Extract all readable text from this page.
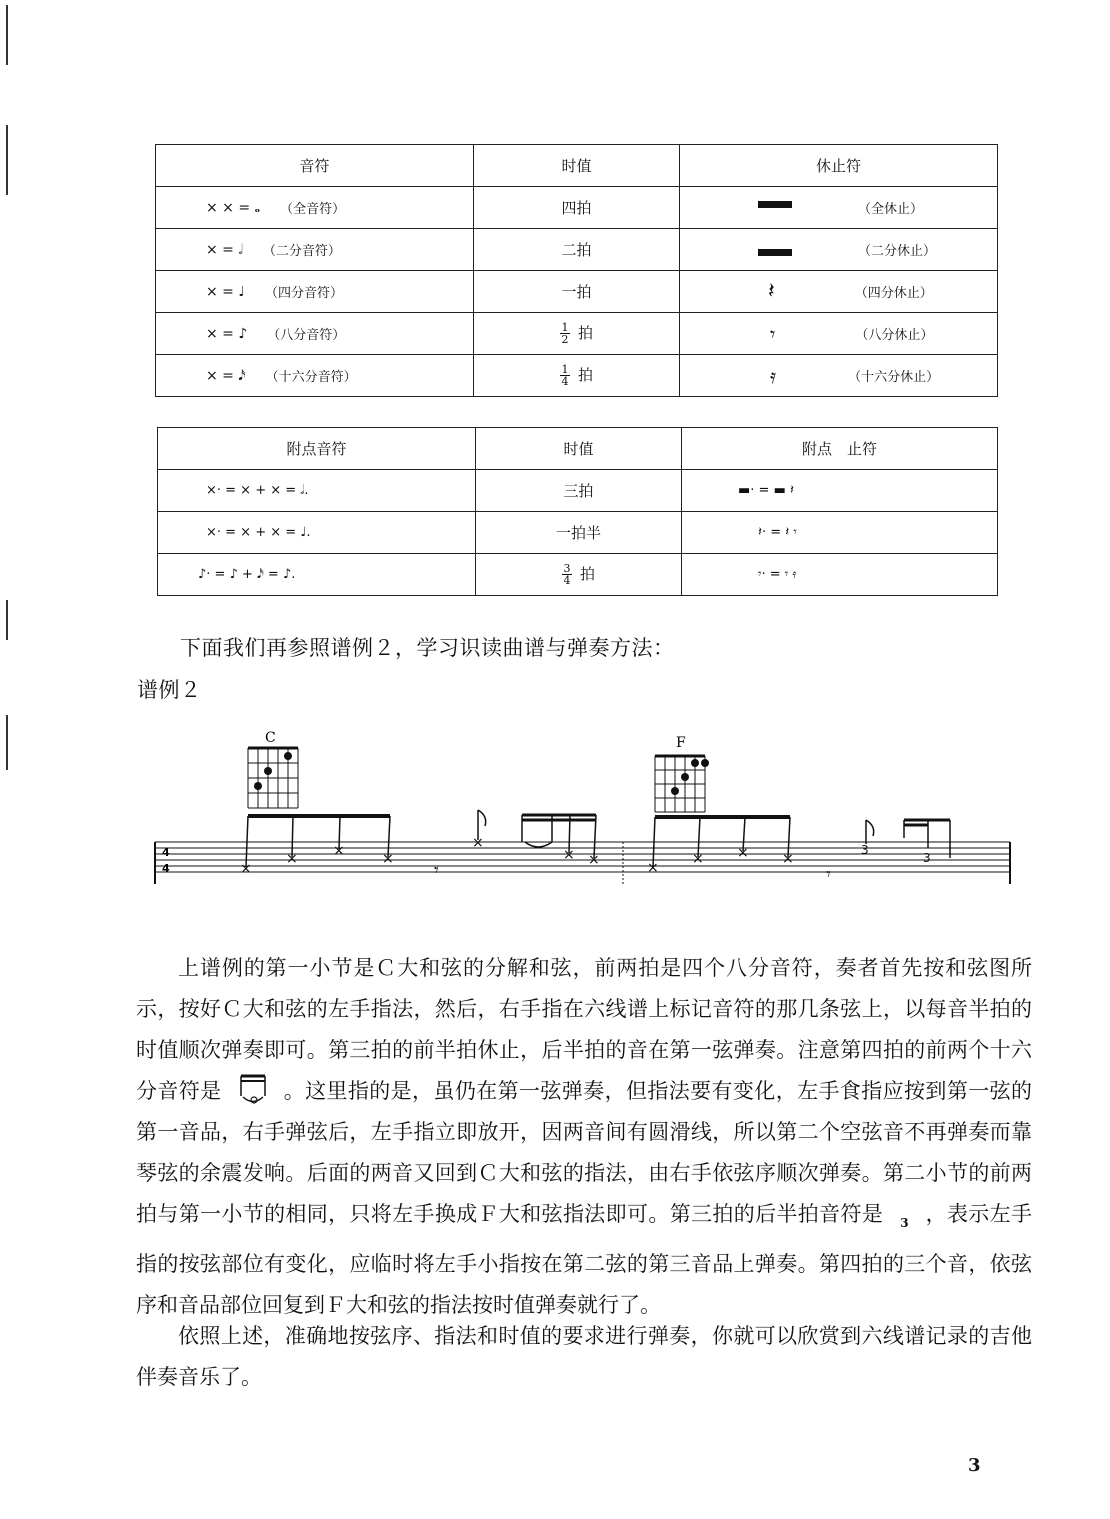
音符	时值	休止符

× × = 𝅝 （全音符）	四拍	（全休止）

× = 𝅗𝅥 （二分音符）	二拍	（二分休止）

× = ♩ （四分音符）	一拍	𝄽 （四分休止）

× = ♪ （八分音符）	$\frac{1}{2}$ 拍	𝄾 （八分休止）

× = 𝅘𝅥𝅯 （十六分音符）	$\frac{1}{4}$ 拍	𝄿 （十六分休止）
附点音符	时值	附点　止符

×· = × + × = 𝅗𝅥.	三拍	▬· = ▬ 𝄽

×· = × + × = ♩.	一拍半	𝄽· = 𝄽 𝄾

♪· = ♪ + 𝅘𝅥𝅯 = ♪.	$\frac{3}{4}$ 拍	𝄾· = 𝄾 𝄿
下面我们再参照谱例２，学习识读曲谱与弹奏方法：
谱例２
4
4
C	F
×
×	×	×
×
× ×
𝄾	×
× × ×
3
3
𝄾

上谱例的第一小节是Ｃ大和弦的分解和弦，前两拍是四个八分音符，奏者首先按和弦图所示，按好Ｃ大和弦的左手指法，然后，右手指在六线谱上标记音符的那几条弦上，以每音半拍的时值顺次弹奏即可。第三拍的前半拍休止，后半拍的音在第一弦弹奏。注意第四拍的前两个十六分音符是	。这里指的是，虽仍在第一弦弹奏，但指法要有变化，左手食指应按到第一弦的第一音品，右手弹弦后，左手指立即放开，因两音间有圆滑线，所以第二个空弦音不再弹奏而靠琴弦的余震发响。后面的两音又回到Ｃ大和弦的指法，由右手依弦序顺次弹奏。第二小节的前两拍与第一小节的相同，只将左手换成Ｆ大和弦指法即可。第三拍的后半拍音符是 $_3$ ，表示左手指的按弦部位有变化，应临时将左手小指按在第二弦的第三音品上弹奏。第四拍的三个音，依弦序和音品部位回复到Ｆ大和弦的指法按时值弹奏就行了。

依照上述，准确地按弦序、指法和时值的要求进行弹奏，你就可以欣赏到六线谱记录的吉他伴奏音乐了。

3
